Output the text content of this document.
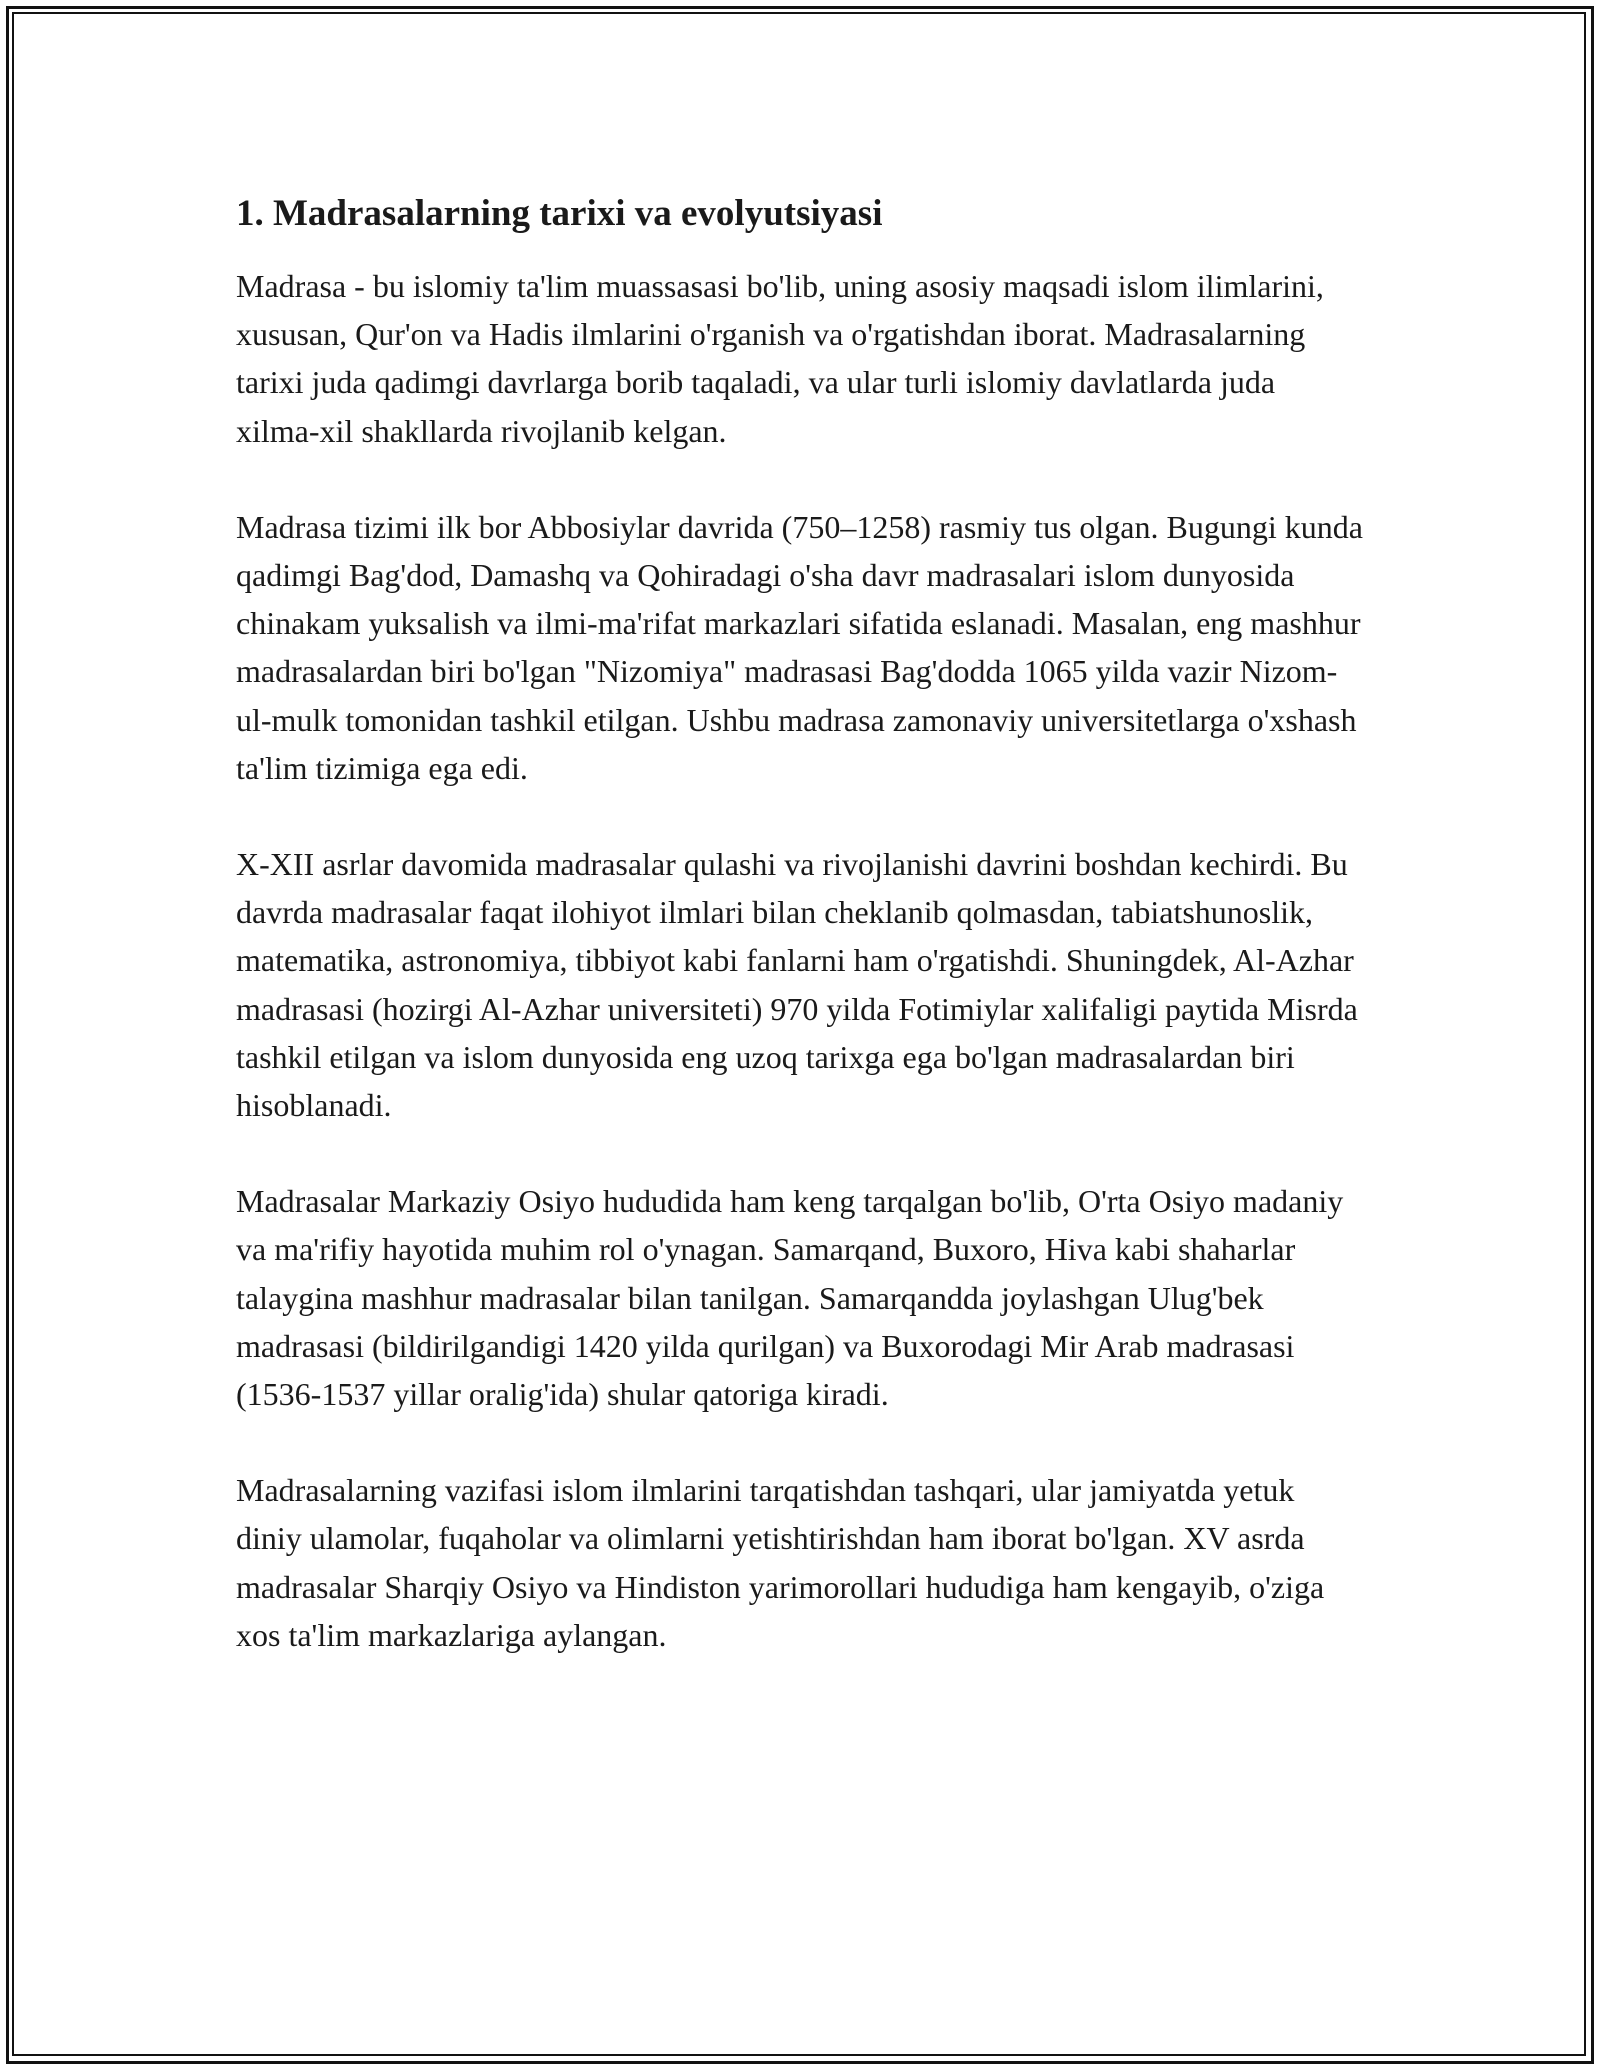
1. Madrasalarning tarixi va evolyutsiyasi

Madrasa - bu islomiy ta'lim muassasasi bo'lib, uning asosiy maqsadi islom ilimlarini, xususan, Qur'on va Hadis ilmlarini o'rganish va o'rgatishdan iborat. Madrasalarning tarixi juda qadimgi davrlarga borib taqaladi, va ular turli islomiy davlatlarda juda xilma-xil shakllarda rivojlanib kelgan.

Madrasa tizimi ilk bor Abbosiylar davrida (750–1258) rasmiy tus olgan. Bugungi kunda qadimgi Bag'dod, Damashq va Qohiradagi o'sha davr madrasalari islom dunyosida chinakam yuksalish va ilmi-ma'rifat markazlari sifatida eslanadi. Masalan, eng mashhur madrasalardan biri bo'lgan "Nizomiya" madrasasi Bag'dodda 1065 yilda vazir Nizom-ul-mulk tomonidan tashkil etilgan. Ushbu madrasa zamonaviy universitetlarga o'xshash ta'lim tizimiga ega edi.

X-XII asrlar davomida madrasalar qulashi va rivojlanishi davrini boshdan kechirdi. Bu davrda madrasalar faqat ilohiyot ilmlari bilan cheklanib qolmasdan, tabiatshunoslik, matematika, astronomiya, tibbiyot kabi fanlarni ham o'rgatishdi. Shuningdek, Al-Azhar madrasasi (hozirgi Al-Azhar universiteti) 970 yilda Fotimiylar xalifaligi paytida Misrda tashkil etilgan va islom dunyosida eng uzoq tarixga ega bo'lgan madrasalardan biri hisoblanadi.

Madrasalar Markaziy Osiyo hududida ham keng tarqalgan bo'lib, O'rta Osiyo madaniy va ma'rifiy hayotida muhim rol o'ynagan. Samarqand, Buxoro, Hiva kabi shaharlar talaygina mashhur madrasalar bilan tanilgan. Samarqandda joylashgan Ulug'bek madrasasi (bildirilgandigi 1420 yilda qurilgan) va Buxorodagi Mir Arab madrasasi (1536-1537 yillar oralig'ida) shular qatoriga kiradi.

Madrasalarning vazifasi islom ilmlarini tarqatishdan tashqari, ular jamiyatda yetuk diniy ulamolar, fuqaholar va olimlarni yetishtirishdan ham iborat bo'lgan. XV asrda madrasalar Sharqiy Osiyo va Hindiston yarimorollari hududiga ham kengayib, o'ziga xos ta'lim markazlariga aylangan.
